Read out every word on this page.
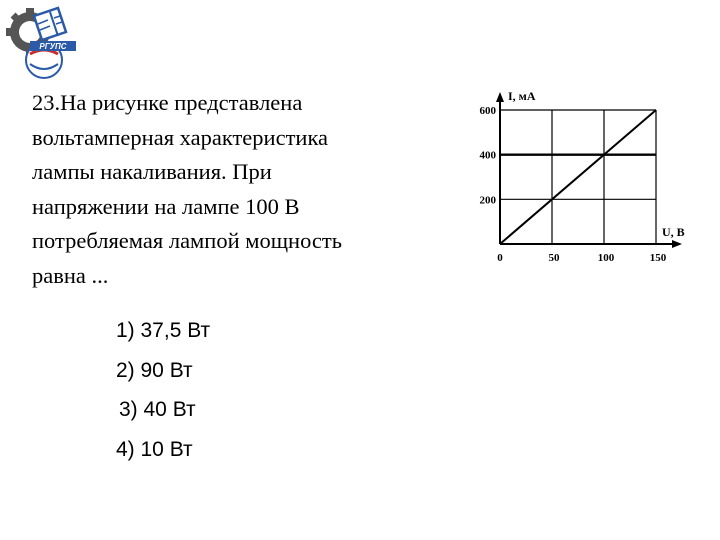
РГУПС
23.На рисунке представлена
вольтамперная характеристика
лампы накаливания. При
напряжении на лампе 100 В
потребляемая лампой мощность
равна ...
1) 37,5 Вт
2) 90 Вт
3) 40 Вт
4) 10 Вт
0	50	100	150
200
400
600
I, мА
U, В
